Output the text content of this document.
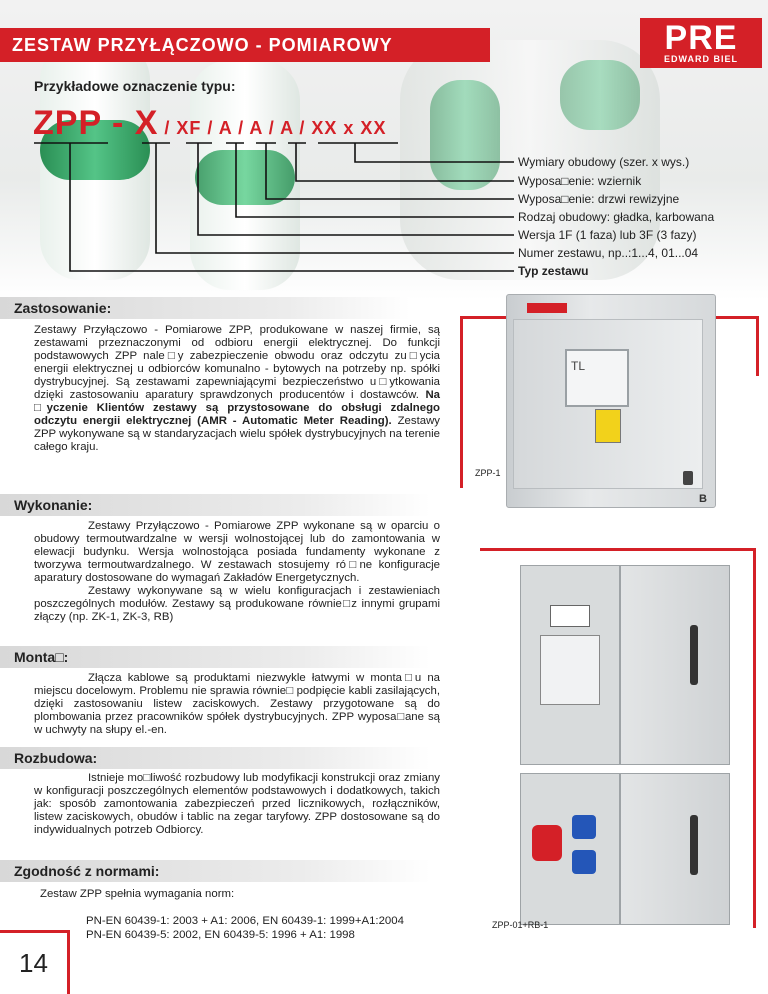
ZESTAW PRZYŁĄCZOWO - POMIAROWY	PRE
EDWARD BIEL
Przykładowe oznaczenie typu:
ZPP - X / XF / A / A / A / XX x XX
Wymiary obudowy (szer. x wys.)
Wyposa□enie: wziernik
Wyposa□enie: drzwi rewizyjne
Rodzaj obudowy: gładka, karbowana
Wersja 1F (1 faza) lub 3F (3 fazy)
Numer zestawu, np..:1...4, 01...04
Typ zestawu
Zastosowanie:

Zestawy Przyłączowo - Pomiarowe ZPP, produkowane w naszej firmie, są zestawami przeznaczonymi od odbioru energii elektrycznej. Do funkcji podstawowych ZPP nale□y zabezpieczenie obwodu oraz odczytu zu□ycia energii elektrycznej u odbiorców komunalno - bytowych na potrzeby np. spółki dystrybucyjnej. Są zestawami zapewniającymi bezpieczeństwo u□ytkowania dzięki zastosowaniu aparatury sprawdzonych producentów i dostawców. Na □yczenie Klientów zestawy są przystosowane do obsługi zdalnego odczytu energii elektrycznej (AMR - Automatic Meter Reading). Zestawy ZPP wykonywane są w standaryzacjach wielu spółek dystrybucyjnych na terenie całego kraju.

TL
B
ZPP-1
Wykonanie:

Zestawy Przyłączowo - Pomiarowe ZPP wykonane są w oparciu o obudowy termoutwardzalne w wersji wolnostojącej lub do zamontowania w elewacji budynku. Wersja wolnostojąca posiada fundamenty wykonane z tworzywa termoutwardzalnego. W zestawach stosujemy ró□ne konfiguracje aparatury dostosowane do wymagań Zakładów Energetycznych.

Zestawy wykonywane są w wielu konfiguracjach i zestawieniach poszczególnych modułów. Zestawy są produkowane równie□z innymi grupami złączy (np. ZK-1, ZK-3, RB)

Monta□:

Złącza kablowe są produktami niezwykle łatwymi w monta□u na miejscu docelowym. Problemu nie sprawia równie□ podpięcie kabli zasilających, dzięki zastosowaniu listew zaciskowych. Zestawy przygotowane są do plombowania przez pracowników spółek dystrybucyjnych. ZPP wyposa□ane są w uchwyty na słupy el.-en.

Rozbudowa:

Istnieje mo□liwość rozbudowy lub modyfikacji konstrukcji oraz zmiany w konfiguracji poszczególnych elementów podstawowych i dodatkowych, takich jak: sposób zamontowania zabezpieczeń przed licznikowych, rozłączników, listew zaciskowych, obudów i tablic na zegar taryfowy. ZPP dostosowane są do indywidualnych potrzeb Odbiorcy.

Zgodność z normami:
Zestaw ZPP spełnia wymagania norm:
PN-EN 60439-1: 2003 + A1: 2006, EN 60439-1: 1999+A1:2004
PN-EN 60439-5: 2002, EN 60439-5: 1996 + A1: 1998
ZPP-01+RB-1
14
